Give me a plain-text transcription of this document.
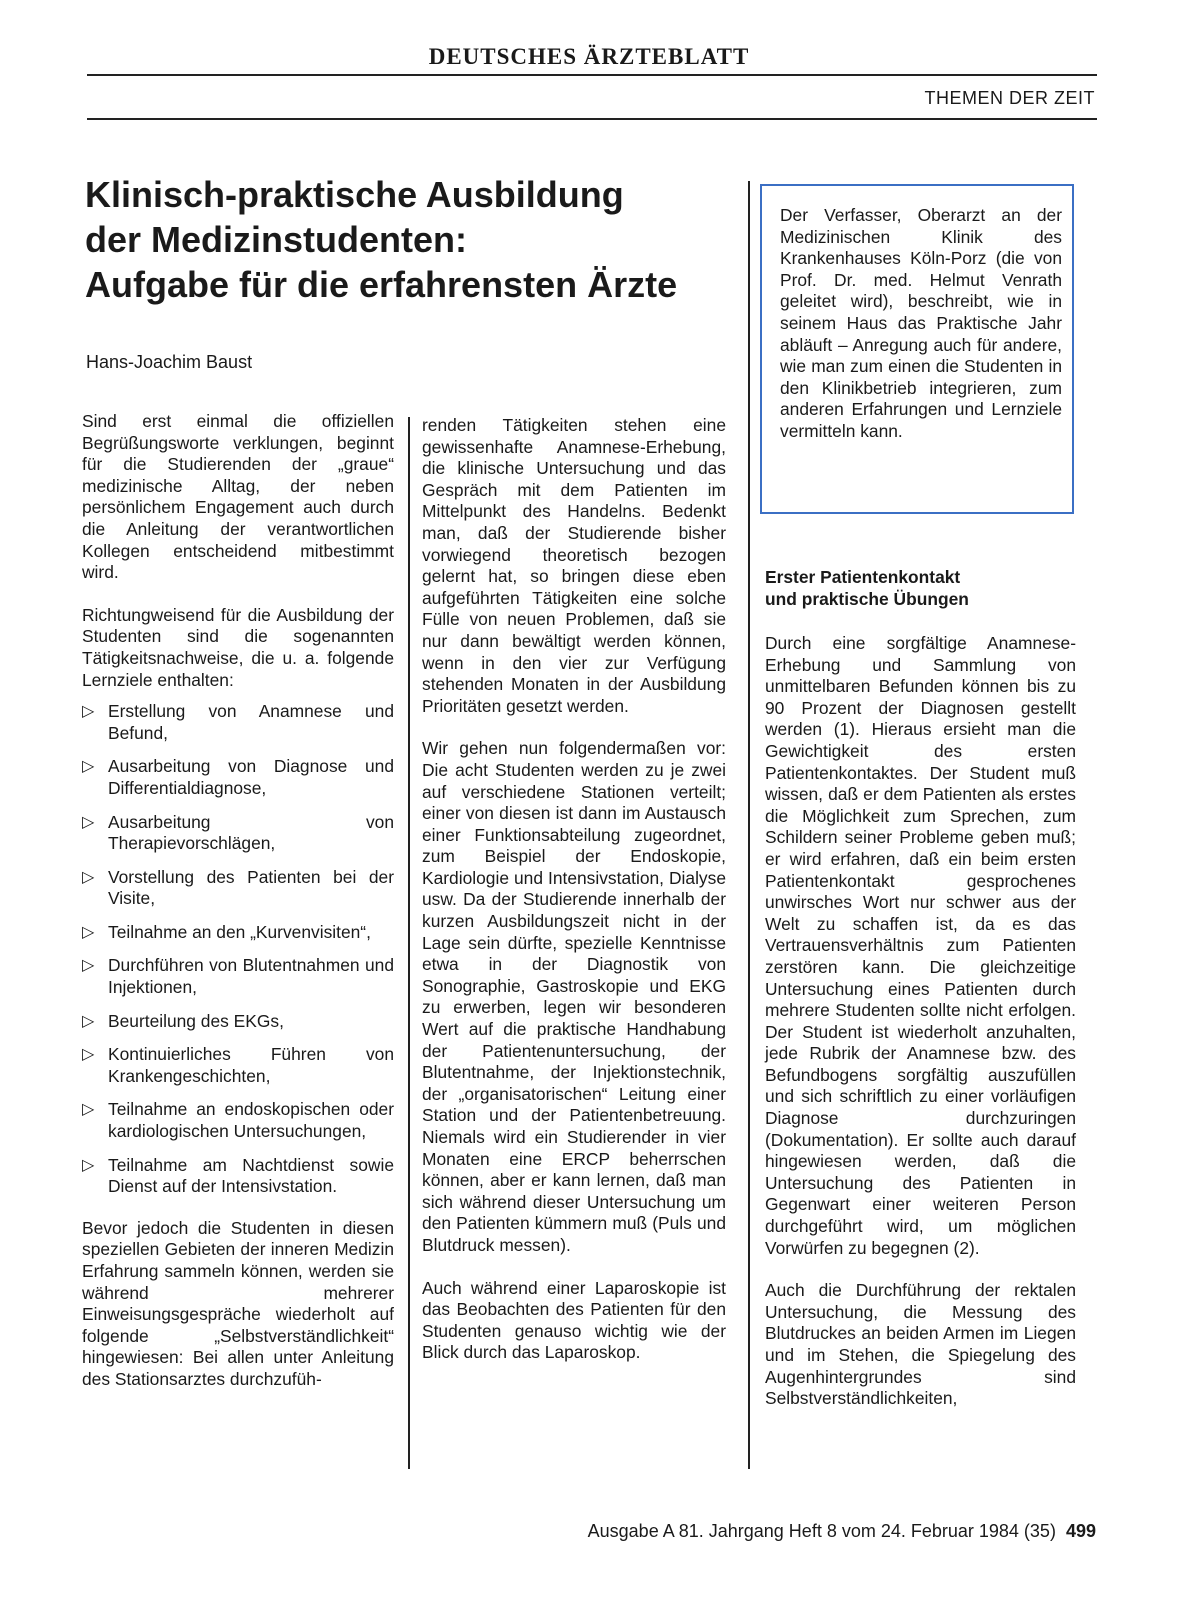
DEUTSCHES ÄRZTEBLATT
THEMEN DER ZEIT
Klinisch-praktische Ausbildung
der Medizinstudenten:
Aufgabe für die erfahrensten Ärzte
Hans-Joachim Baust
Der Verfasser, Oberarzt an der Medizinischen Klinik des Krankenhauses Köln-Porz (die von Prof. Dr. med. Helmut Venrath geleitet wird), beschreibt, wie in seinem Haus das Praktische Jahr abläuft – Anregung auch für andere, wie man zum einen die Studenten in den Klinikbetrieb integrieren, zum anderen Erfahrungen und Lernziele vermitteln kann.

Sind erst einmal die offiziellen Begrüßungsworte verklungen, beginnt für die Studierenden der „graue“ medizinische Alltag, der neben persönlichem Engagement auch durch die Anleitung der verantwortlichen Kollegen entscheidend mitbestimmt wird.

Richtungweisend für die Ausbildung der Studenten sind die sogenannten Tätigkeitsnachweise, die u. a. folgende Lernziele enthalten:

▷ Erstellung von Anamnese und Befund,
▷ Ausarbeitung von Diagnose und Differentialdiagnose,
▷ Ausarbeitung von Therapievorschlägen,
▷ Vorstellung des Patienten bei der Visite,
▷ Teilnahme an den „Kurvenvisiten“,
▷ Durchführen von Blutentnahmen und Injektionen,
▷ Beurteilung des EKGs,
▷ Kontinuierliches Führen von Krankengeschichten,
▷ Teilnahme an endoskopischen oder kardiologischen Untersuchungen,
▷ Teilnahme am Nachtdienst sowie Dienst auf der Intensivstation.

Bevor jedoch die Studenten in diesen speziellen Gebieten der inneren Medizin Erfahrung sammeln können, werden sie während mehrerer Einweisungsgespräche wiederholt auf folgende „Selbstverständlichkeit“ hingewiesen: Bei allen unter Anleitung des Stationsarztes durchzufüh-

renden Tätigkeiten stehen eine gewissenhafte Anamnese-Erhebung, die klinische Untersuchung und das Gespräch mit dem Patienten im Mittelpunkt des Handelns. Bedenkt man, daß der Studierende bisher vorwiegend theoretisch bezogen gelernt hat, so bringen diese eben aufgeführten Tätigkeiten eine solche Fülle von neuen Problemen, daß sie nur dann bewältigt werden können, wenn in den vier zur Verfügung stehenden Monaten in der Ausbildung Prioritäten gesetzt werden.

Wir gehen nun folgendermaßen vor: Die acht Studenten werden zu je zwei auf verschiedene Stationen verteilt; einer von diesen ist dann im Austausch einer Funktionsabteilung zugeordnet, zum Beispiel der Endoskopie, Kardiologie und Intensivstation, Dialyse usw. Da der Studierende innerhalb der kurzen Ausbildungszeit nicht in der Lage sein dürfte, spezielle Kenntnisse etwa in der Diagnostik von Sonographie, Gastroskopie und EKG zu erwerben, legen wir besonderen Wert auf die praktische Handhabung der Patientenuntersuchung, der Blutentnahme, der Injektionstechnik, der „organisatorischen“ Leitung einer Station und der Patientenbetreuung. Niemals wird ein Studierender in vier Monaten eine ERCP beherrschen können, aber er kann lernen, daß man sich während dieser Untersuchung um den Patienten kümmern muß (Puls und Blutdruck messen).

Auch während einer Laparoskopie ist das Beobachten des Patienten für den Studenten genauso wichtig wie der Blick durch das Laparoskop.

Erster Patientenkontakt
und praktische Übungen

Durch eine sorgfältige Anamnese-Erhebung und Sammlung von unmittelbaren Befunden können bis zu 90 Prozent der Diagnosen gestellt werden (1). Hieraus ersieht man die Gewichtigkeit des ersten Patientenkontaktes. Der Student muß wissen, daß er dem Patienten als erstes die Möglichkeit zum Sprechen, zum Schildern seiner Probleme geben muß; er wird erfahren, daß ein beim ersten Patientenkontakt gesprochenes unwirsches Wort nur schwer aus der Welt zu schaffen ist, da es das Vertrauensverhältnis zum Patienten zerstören kann. Die gleichzeitige Untersuchung eines Patienten durch mehrere Studenten sollte nicht erfolgen. Der Student ist wiederholt anzuhalten, jede Rubrik der Anamnese bzw. des Befundbogens sorgfältig auszufüllen und sich schriftlich zu einer vorläufigen Diagnose durchzuringen (Dokumentation). Er sollte auch darauf hingewiesen werden, daß die Untersuchung des Patienten in Gegenwart einer weiteren Person durchgeführt wird, um möglichen Vorwürfen zu begegnen (2).

Auch die Durchführung der rektalen Untersuchung, die Messung des Blutdruckes an beiden Armen im Liegen und im Stehen, die Spiegelung des Augenhintergrundes sind Selbstverständlichkeiten,

Ausgabe A 81. Jahrgang Heft 8 vom 24. Februar 1984 (35) 499
